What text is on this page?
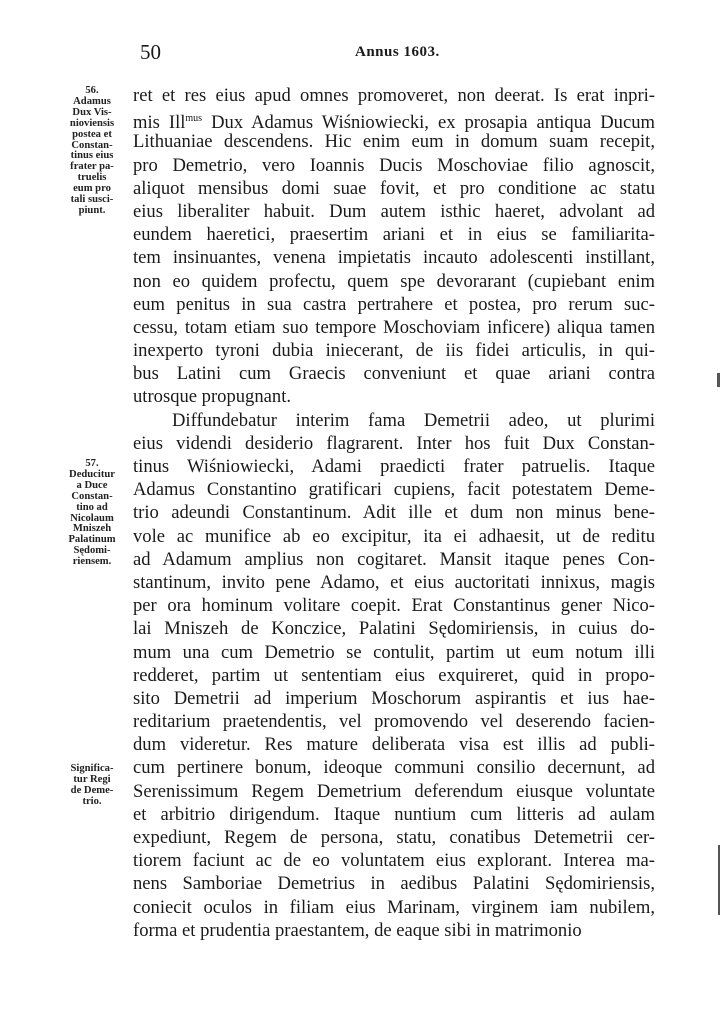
50	Annus 1603.
56.
Adamus
Dux Vis-
nioviensis
postea et
Constan-
tinus eius
frater pa-
truelis
eum pro
tali susci-
piunt.
57.
Deducitur
a Duce
Constan-
tino ad
Nicolaum
Mniszeh
Palatinum
Sędomi-
riensem.
Significa-
tur Regi
de Deme-
trio.
ret et res eius apud omnes promoveret, non deerat. Is erat inpri-
mis Ill$^{mus}$ Dux Adamus Wiśniowiecki, ex prosapia antiqua Ducum
Lithuaniae descendens. Hic enim eum in domum suam recepit,
pro Demetrio, vero Ioannis Ducis Moschoviae filio agnoscit,
aliquot mensibus domi suae fovit, et pro conditione ac statu
eius liberaliter habuit. Dum autem isthic haeret, advolant ad
eundem haeretici, praesertim ariani et in eius se familiarita-
tem insinuantes, venena impietatis incauto adolescenti instillant,
non eo quidem profectu, quem spe devorarant (cupiebant enim
eum penitus in sua castra pertrahere et postea, pro rerum suc-
cessu, totam etiam suo tempore Moschoviam inficere) aliqua tamen
inexperto tyroni dubia iniecerant, de iis fidei articulis, in qui-
bus Latini cum Graecis conveniunt et quae ariani contra
utrosque propugnant.
Diffundebatur interim fama Demetrii adeo, ut plurimi
eius videndi desiderio flagrarent. Inter hos fuit Dux Constan-
tinus Wiśniowiecki, Adami praedicti frater patruelis. Itaque
Adamus Constantino gratificari cupiens, facit potestatem Deme-
trio adeundi Constantinum. Adit ille et dum non minus bene-
vole ac munifice ab eo excipitur, ita ei adhaesit, ut de reditu
ad Adamum amplius non cogitaret. Mansit itaque penes Con-
stantinum, invito pene Adamo, et eius auctoritati innixus, magis
per ora hominum volitare coepit. Erat Constantinus gener Nico-
lai Mniszeh de Konczice, Palatini Sędomiriensis, in cuius do-
mum una cum Demetrio se contulit, partim ut eum notum illi
redderet, partim ut sententiam eius exquireret, quid in propo-
sito Demetrii ad imperium Moschorum aspirantis et ius hae-
reditarium praetendentis, vel promovendo vel deserendo facien-
dum videretur. Res mature deliberata visa est illis ad publi-
cum pertinere bonum, ideoque communi consilio decernunt, ad
Serenissimum Regem Demetrium deferendum eiusque voluntate
et arbitrio dirigendum. Itaque nuntium cum litteris ad aulam
expediunt, Regem de persona, statu, conatibus Detemetrii cer-
tiorem faciunt ac de eo voluntatem eius explorant. Interea ma-
nens Samboriae Demetrius in aedibus Palatini Sędomiriensis,
coniecit oculos in filiam eius Marinam, virginem iam nubilem,
forma et prudentia praestantem, de eaque sibi in matrimonio
